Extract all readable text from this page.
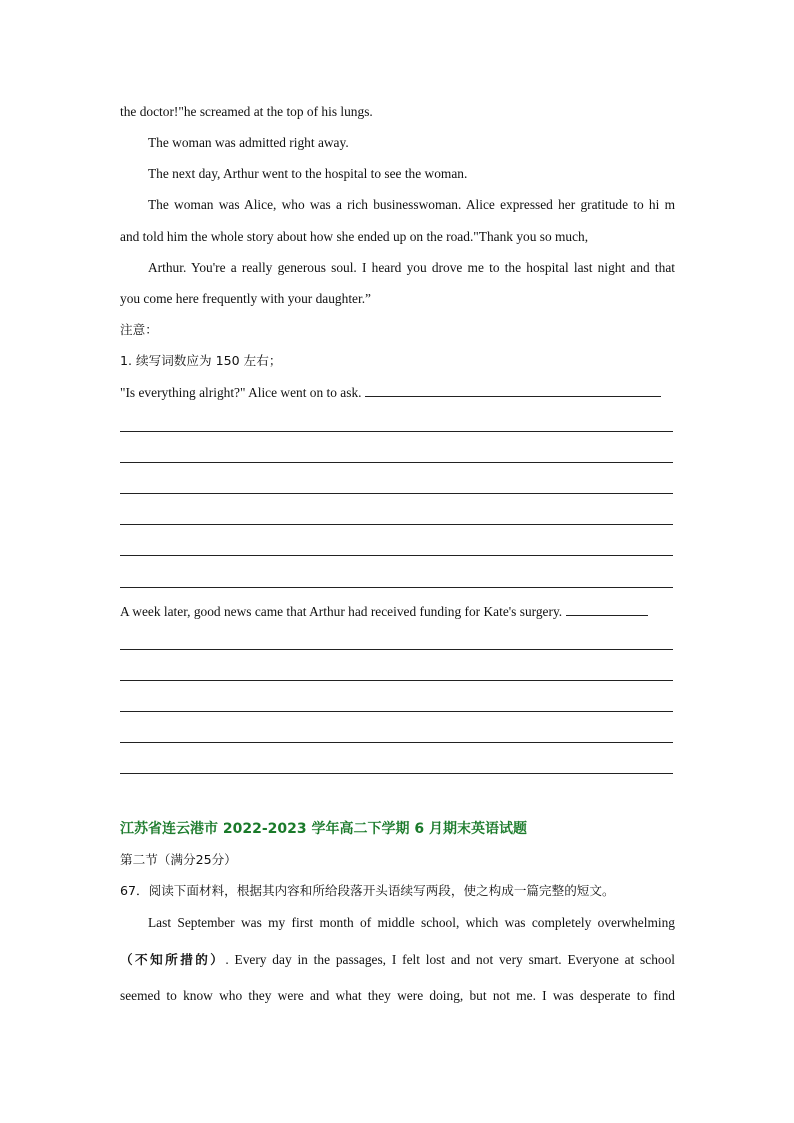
the doctor!"he screamed at the top of his lungs.
The woman was admitted right away.
The next day, Arthur went to the hospital to see the woman.
The woman was Alice, who was a rich businesswoman. Alice expressed her gratitude to hi m
and told him the whole story about how she ended up on the road."Thank you so much,
Arthur. You're a really generous soul. I heard you drove me to the hospital last night and that
you come here frequently with your daughter.”
注意：
1. 续写词数应为 150 左右；
"Is everything alright?" Alice went on to ask.
A week later, good news came that Arthur had received funding for Kate's surgery.
江苏省连云港市 2022-2023 学年高二下学期 6 月期末英语试题
第二节（满分25分）
67．阅读下面材料，根据其内容和所给段落开头语续写两段，使之构成一篇完整的短文。
Last September was my first month of middle school, which was completely overwhelming
（不知所措的）. Every day in the passages, I felt lost and not very smart. Everyone at school
seemed to know who they were and what they were doing, but not me. I was desperate to find
